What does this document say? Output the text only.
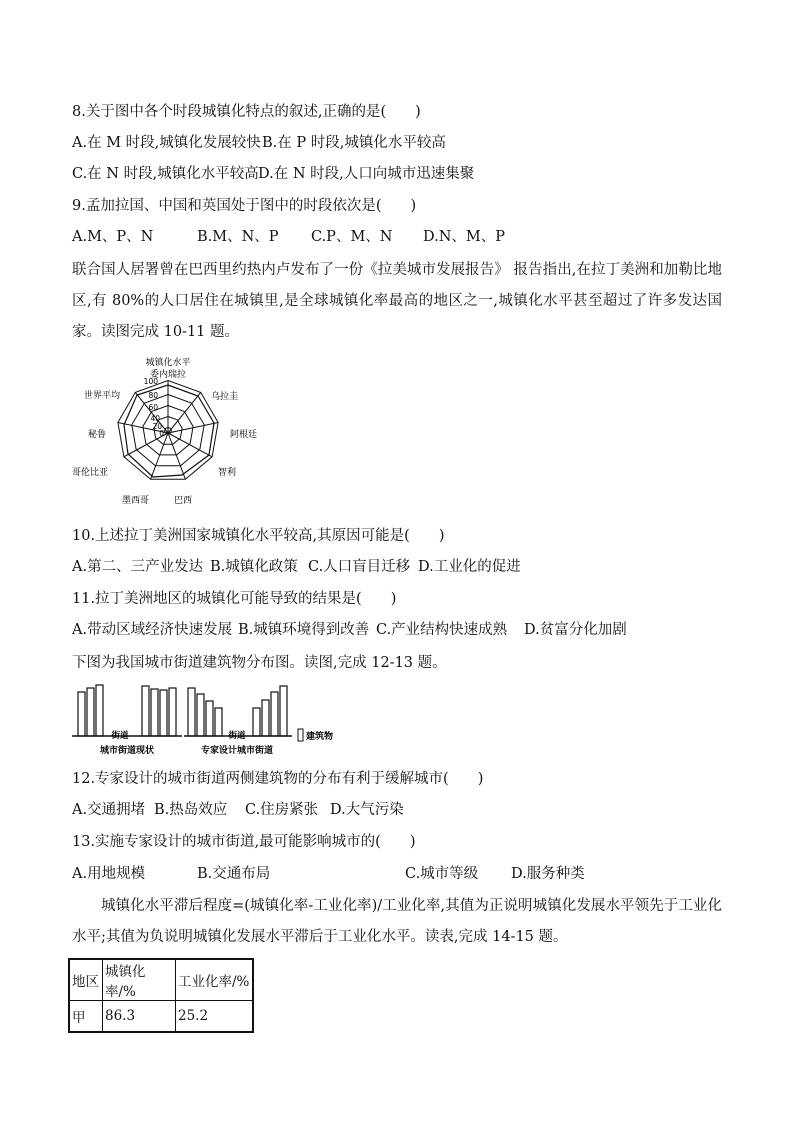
8.关于图中各个时段城镇化特点的叙述,正确的是(　　)
A.在 M 时段,城镇化发展较快 B.在 P 时段,城镇化水平较高
C.在 N 时段,城镇化水平较高 D.在 N 时段,人口向城市迅速集聚
9.孟加拉国、中国和英国处于图中的时段依次是(　　)
A.M、P、N	B.M、N、P C.P、M、N D.N、M、P
联合国人居署曾在巴西里约热内卢发布了一份《拉美城市发展报告》 报告指出,在拉丁美洲和加勒比地区,有 80%的人口居住在城镇里,是全球城镇化率最高的地区之一,城镇化水平甚至超过了许多发达国家。读图完成 10-11 题。
城镇化水平
委内瑞拉
乌拉圭
阿根廷
智利
巴西
墨西哥
哥伦比亚
秘鲁
世界平均
100
80
60
40
20
0
10.上述拉丁美洲国家城镇化水平较高,其原因可能是(　　)
A.第二、三产业发达 B.城镇化政策 C.人口盲目迁移 D.工业化的促进
11.拉丁美洲地区的城镇化可能导致的结果是(　　)
A.带动区域经济快速发展 B.城镇环境得到改善 C.产业结构快速成熟 D.贫富分化加剧
下图为我国城市街道建筑物分布图。读图,完成 12-13 题。
街道	街道
城市街道现状	专家设计城市街道
建筑物
12.专家设计的城市街道两侧建筑物的分布有利于缓解城市(　　)
A.交通拥堵 B.热岛效应 C.住房紧张 D.大气污染
13.实施专家设计的城市街道,最可能影响城市的(　　)
A.用地规模	B.交通布局	C.城市等级 D.服务种类
城镇化水平滞后程度=(城镇化率-工业化率)/工业化率,其值为正说明城镇化发展水平领先于工业化水平;其值为负说明城镇化发展水平滞后于工业化水平。读表,完成 14-15 题。
地区	城镇化率/%	工业化率/%
甲	86.3	25.2
